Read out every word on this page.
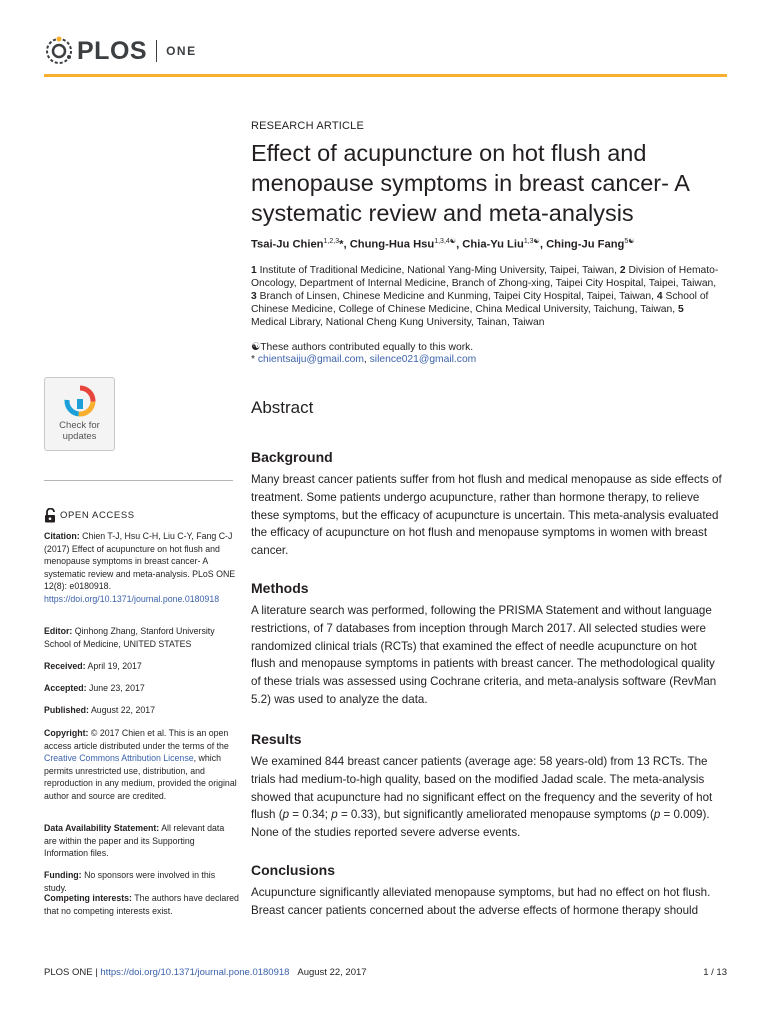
PLOS ONE
RESEARCH ARTICLE
Effect of acupuncture on hot flush and menopause symptoms in breast cancer- A systematic review and meta-analysis
Tsai-Ju Chien$^{1,2,3}$*, Chung-Hua Hsu$^{1,3,4☯}$, Chia-Yu Liu$^{1,3☯}$, Ching-Ju Fang$^{5☯}$
1 Institute of Traditional Medicine, National Yang-Ming University, Taipei, Taiwan, 2 Division of Hemato-Oncology, Department of Internal Medicine, Branch of Zhong-xing, Taipei City Hospital, Taipei, Taiwan, 3 Branch of Linsen, Chinese Medicine and Kunming, Taipei City Hospital, Taipei, Taiwan, 4 School of Chinese Medicine, College of Chinese Medicine, China Medical University, Taichung, Taiwan, 5 Medical Library, National Cheng Kung University, Tainan, Taiwan
☯These authors contributed equally to this work.
* chientsaiju@gmail.com, silence021@gmail.com
Check for updates
OPEN ACCESS
Citation: Chien T-J, Hsu C-H, Liu C-Y, Fang C-J (2017) Effect of acupuncture on hot flush and menopause symptoms in breast cancer- A systematic review and meta-analysis. PLoS ONE 12(8): e0180918. https://doi.org/10.1371/journal.pone.0180918
Editor: Qinhong Zhang, Stanford University School of Medicine, UNITED STATES
Received: April 19, 2017
Accepted: June 23, 2017
Published: August 22, 2017
Copyright: © 2017 Chien et al. This is an open access article distributed under the terms of the Creative Commons Attribution License, which permits unrestricted use, distribution, and reproduction in any medium, provided the original author and source are credited.
Data Availability Statement: All relevant data are within the paper and its Supporting Information files.
Funding: No sponsors were involved in this study.
Competing interests: The authors have declared that no competing interests exist.
Abstract
Background
Many breast cancer patients suffer from hot flush and medical menopause as side effects of treatment. Some patients undergo acupuncture, rather than hormone therapy, to relieve these symptoms, but the efficacy of acupuncture is uncertain. This meta-analysis evaluated the efficacy of acupuncture on hot flush and menopause symptoms in women with breast cancer.
Methods
A literature search was performed, following the PRISMA Statement and without language restrictions, of 7 databases from inception through March 2017. All selected studies were randomized clinical trials (RCTs) that examined the effect of needle acupuncture on hot flush and menopause symptoms in patients with breast cancer. The methodological quality of these trials was assessed using Cochrane criteria, and meta-analysis software (RevMan 5.2) was used to analyze the data.
Results
We examined 844 breast cancer patients (average age: 58 years-old) from 13 RCTs. The trials had medium-to-high quality, based on the modified Jadad scale. The meta-analysis showed that acupuncture had no significant effect on the frequency and the severity of hot flush (p = 0.34; p = 0.33), but significantly ameliorated menopause symptoms (p = 0.009). None of the studies reported severe adverse events.
Conclusions
Acupuncture significantly alleviated menopause symptoms, but had no effect on hot flush. Breast cancer patients concerned about the adverse effects of hormone therapy should
PLOS ONE | https://doi.org/10.1371/journal.pone.0180918 August 22, 2017	1 / 13
